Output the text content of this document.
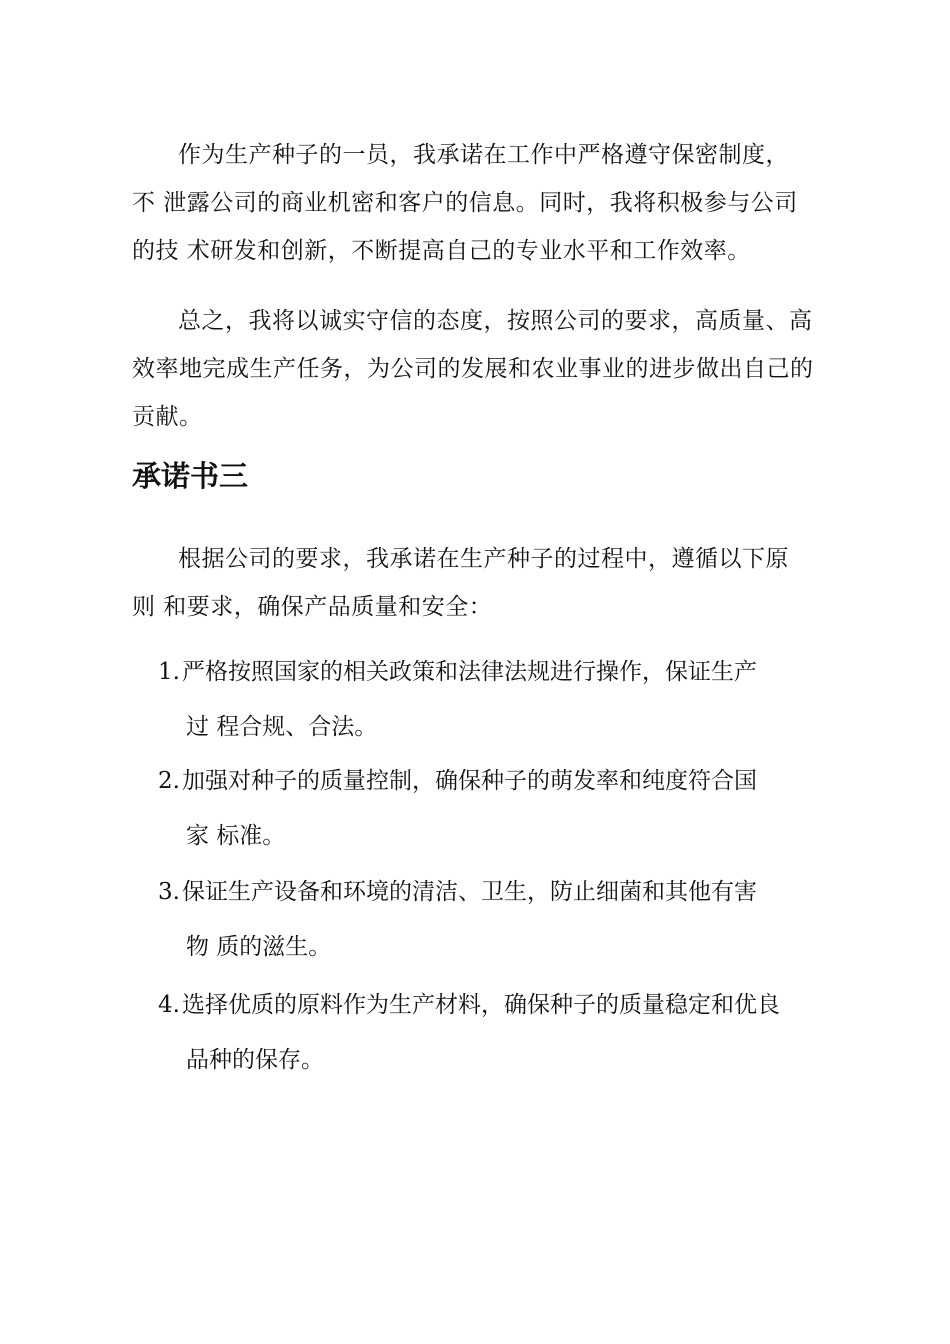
作为生产种子的一员，我承诺在工作中严格遵守保密制度，
不 泄露公司的商业机密和客户的信息。同时，我将积极参与公司
的技 术研发和创新，不断提高自己的专业水平和工作效率。

总之，我将以诚实守信的态度，按照公司的要求，高质量、高
效率地完成生产任务，为公司的发展和农业事业的进步做出自己的
贡献。

承诺书三

根据公司的要求，我承诺在生产种子的过程中，遵循以下原
则 和要求，确保产品质量和安全：

1.严格按照国家的相关政策和法律法规进行操作，保证生产
过 程合规、合法。
2.加强对种子的质量控制，确保种子的萌发率和纯度符合国
家 标准。
3.保证生产设备和环境的清洁、卫生，防止细菌和其他有害
物 质的滋生。
4.选择优质的原料作为生产材料，确保种子的质量稳定和优良
品种的保存。
